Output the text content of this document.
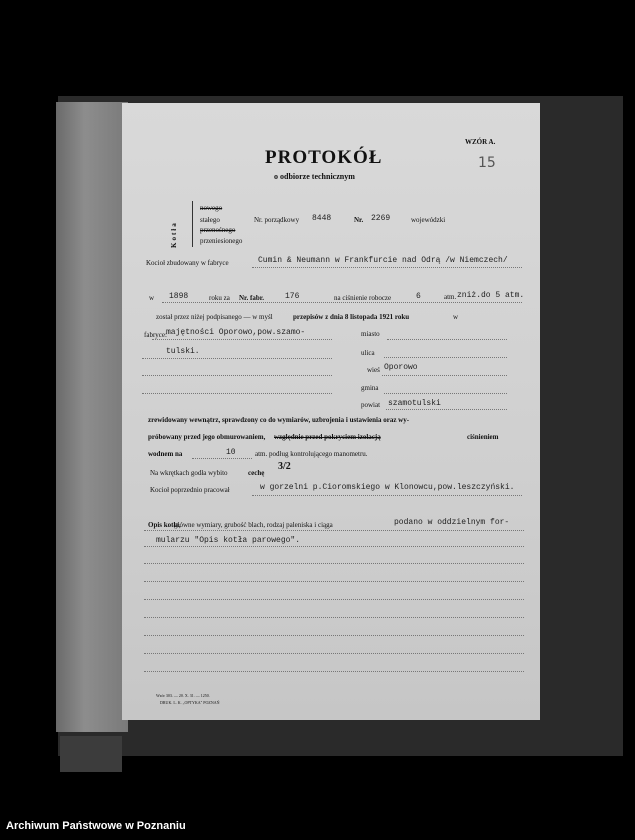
WZÓR A.
15
PROTOKÓŁ
o odbiorze technicznym
Kotła
nowego
stałego
przenośnego
przeniesionego
Nr. porządkowy 8448	Nr. 2269	wojewódzki
Kocioł zbudowany w fabryce	Cumin & Neumann w Frankfurcie nad Odrą /w Niemczech/
w 1898	roku za Nr. fabr.	176	na ciśnienie robocze	6	atm. zniż.do 5 atm.
został przez niżej podpisanego — w myśl	przepisów z dnia 8 listopada 1921 roku	w
fabryce: majętności Oporowo,pow.szamo-
tulski.
miasto
ulica
wieś Oporowo
gmina
powiat szamotulski
zrewidowany wewnątrz, sprawdzony co do wymiarów, uzbrojenia i ustawienia oraz wy-
próbowany przed jego obmurowaniem, względnie przed pokryciem izolacją	ciśnieniem
wodnem na	10	atm. podług kontrolującego manometru.
Na wkrętkach godła wybito	cechę
3/2
Kocioł poprzednio pracował	w gorzelni p.Cioromskiego w Klonowcu,pow.leszczyński.
Opis kotła,
główne wymiary, grubość blach, rodzaj paleniska i ciąga	podano w oddzielnym for-
mularzu "Opis kotła parowego".
Wzór 303. — 20. X. 31. — 1250.
DRUK. L. K. „OPTYKA" POZNAŃ
Archiwum Państwowe w Poznaniu
